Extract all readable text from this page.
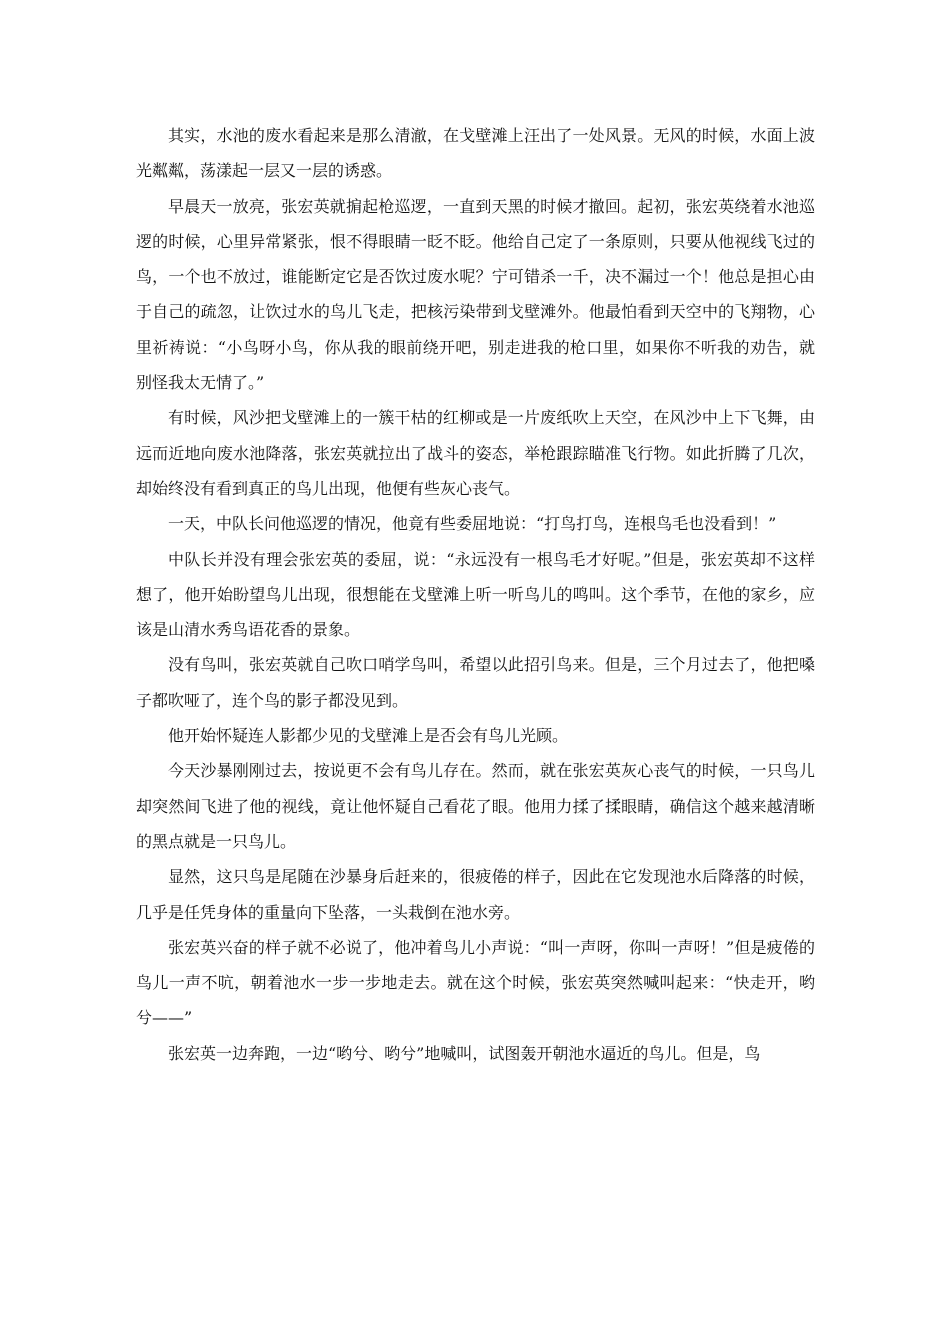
其实，水池的废水看起来是那么清澈，在戈壁滩上汪出了一处风景。无风的时候，水面上波光粼粼，荡漾起一层又一层的诱惑。

早晨天一放亮，张宏英就掮起枪巡逻，一直到天黑的时候才撤回。起初，张宏英绕着水池巡逻的时候，心里异常紧张，恨不得眼睛一眨不眨。他给自己定了一条原则，只要从他视线飞过的鸟，一个也不放过，谁能断定它是否饮过废水呢？宁可错杀一千，决不漏过一个！他总是担心由于自己的疏忽，让饮过水的鸟儿飞走，把核污染带到戈壁滩外。他最怕看到天空中的飞翔物，心里祈祷说：“小鸟呀小鸟，你从我的眼前绕开吧，别走进我的枪口里，如果你不听我的劝告，就别怪我太无情了。”

有时候，风沙把戈壁滩上的一簇干枯的红柳或是一片废纸吹上天空，在风沙中上下飞舞，由远而近地向废水池降落，张宏英就拉出了战斗的姿态，举枪跟踪瞄准飞行物。如此折腾了几次，却始终没有看到真正的鸟儿出现，他便有些灰心丧气。

一天，中队长问他巡逻的情况，他竟有些委屈地说：“打鸟打鸟，连根鸟毛也没看到！”

中队长并没有理会张宏英的委屈，说：“永远没有一根鸟毛才好呢。”但是，张宏英却不这样想了，他开始盼望鸟儿出现，很想能在戈壁滩上听一听鸟儿的鸣叫。这个季节，在他的家乡，应该是山清水秀鸟语花香的景象。

没有鸟叫，张宏英就自己吹口哨学鸟叫，希望以此招引鸟来。但是，三个月过去了，他把嗓子都吹哑了，连个鸟的影子都没见到。

他开始怀疑连人影都少见的戈壁滩上是否会有鸟儿光顾。

今天沙暴刚刚过去，按说更不会有鸟儿存在。然而，就在张宏英灰心丧气的时候，一只鸟儿却突然间飞进了他的视线，竟让他怀疑自己看花了眼。他用力揉了揉眼睛，确信这个越来越清晰的黑点就是一只鸟儿。

显然，这只鸟是尾随在沙暴身后赶来的，很疲倦的样子，因此在它发现池水后降落的时候，几乎是任凭身体的重量向下坠落，一头栽倒在池水旁。

张宏英兴奋的样子就不必说了，他冲着鸟儿小声说：“叫一声呀，你叫一声呀！”但是疲倦的鸟儿一声不吭，朝着池水一步一步地走去。就在这个时候，张宏英突然喊叫起来：“快走开，哟兮——”

张宏英一边奔跑，一边“哟兮、哟兮”地喊叫，试图轰开朝池水逼近的鸟儿。但是，鸟
